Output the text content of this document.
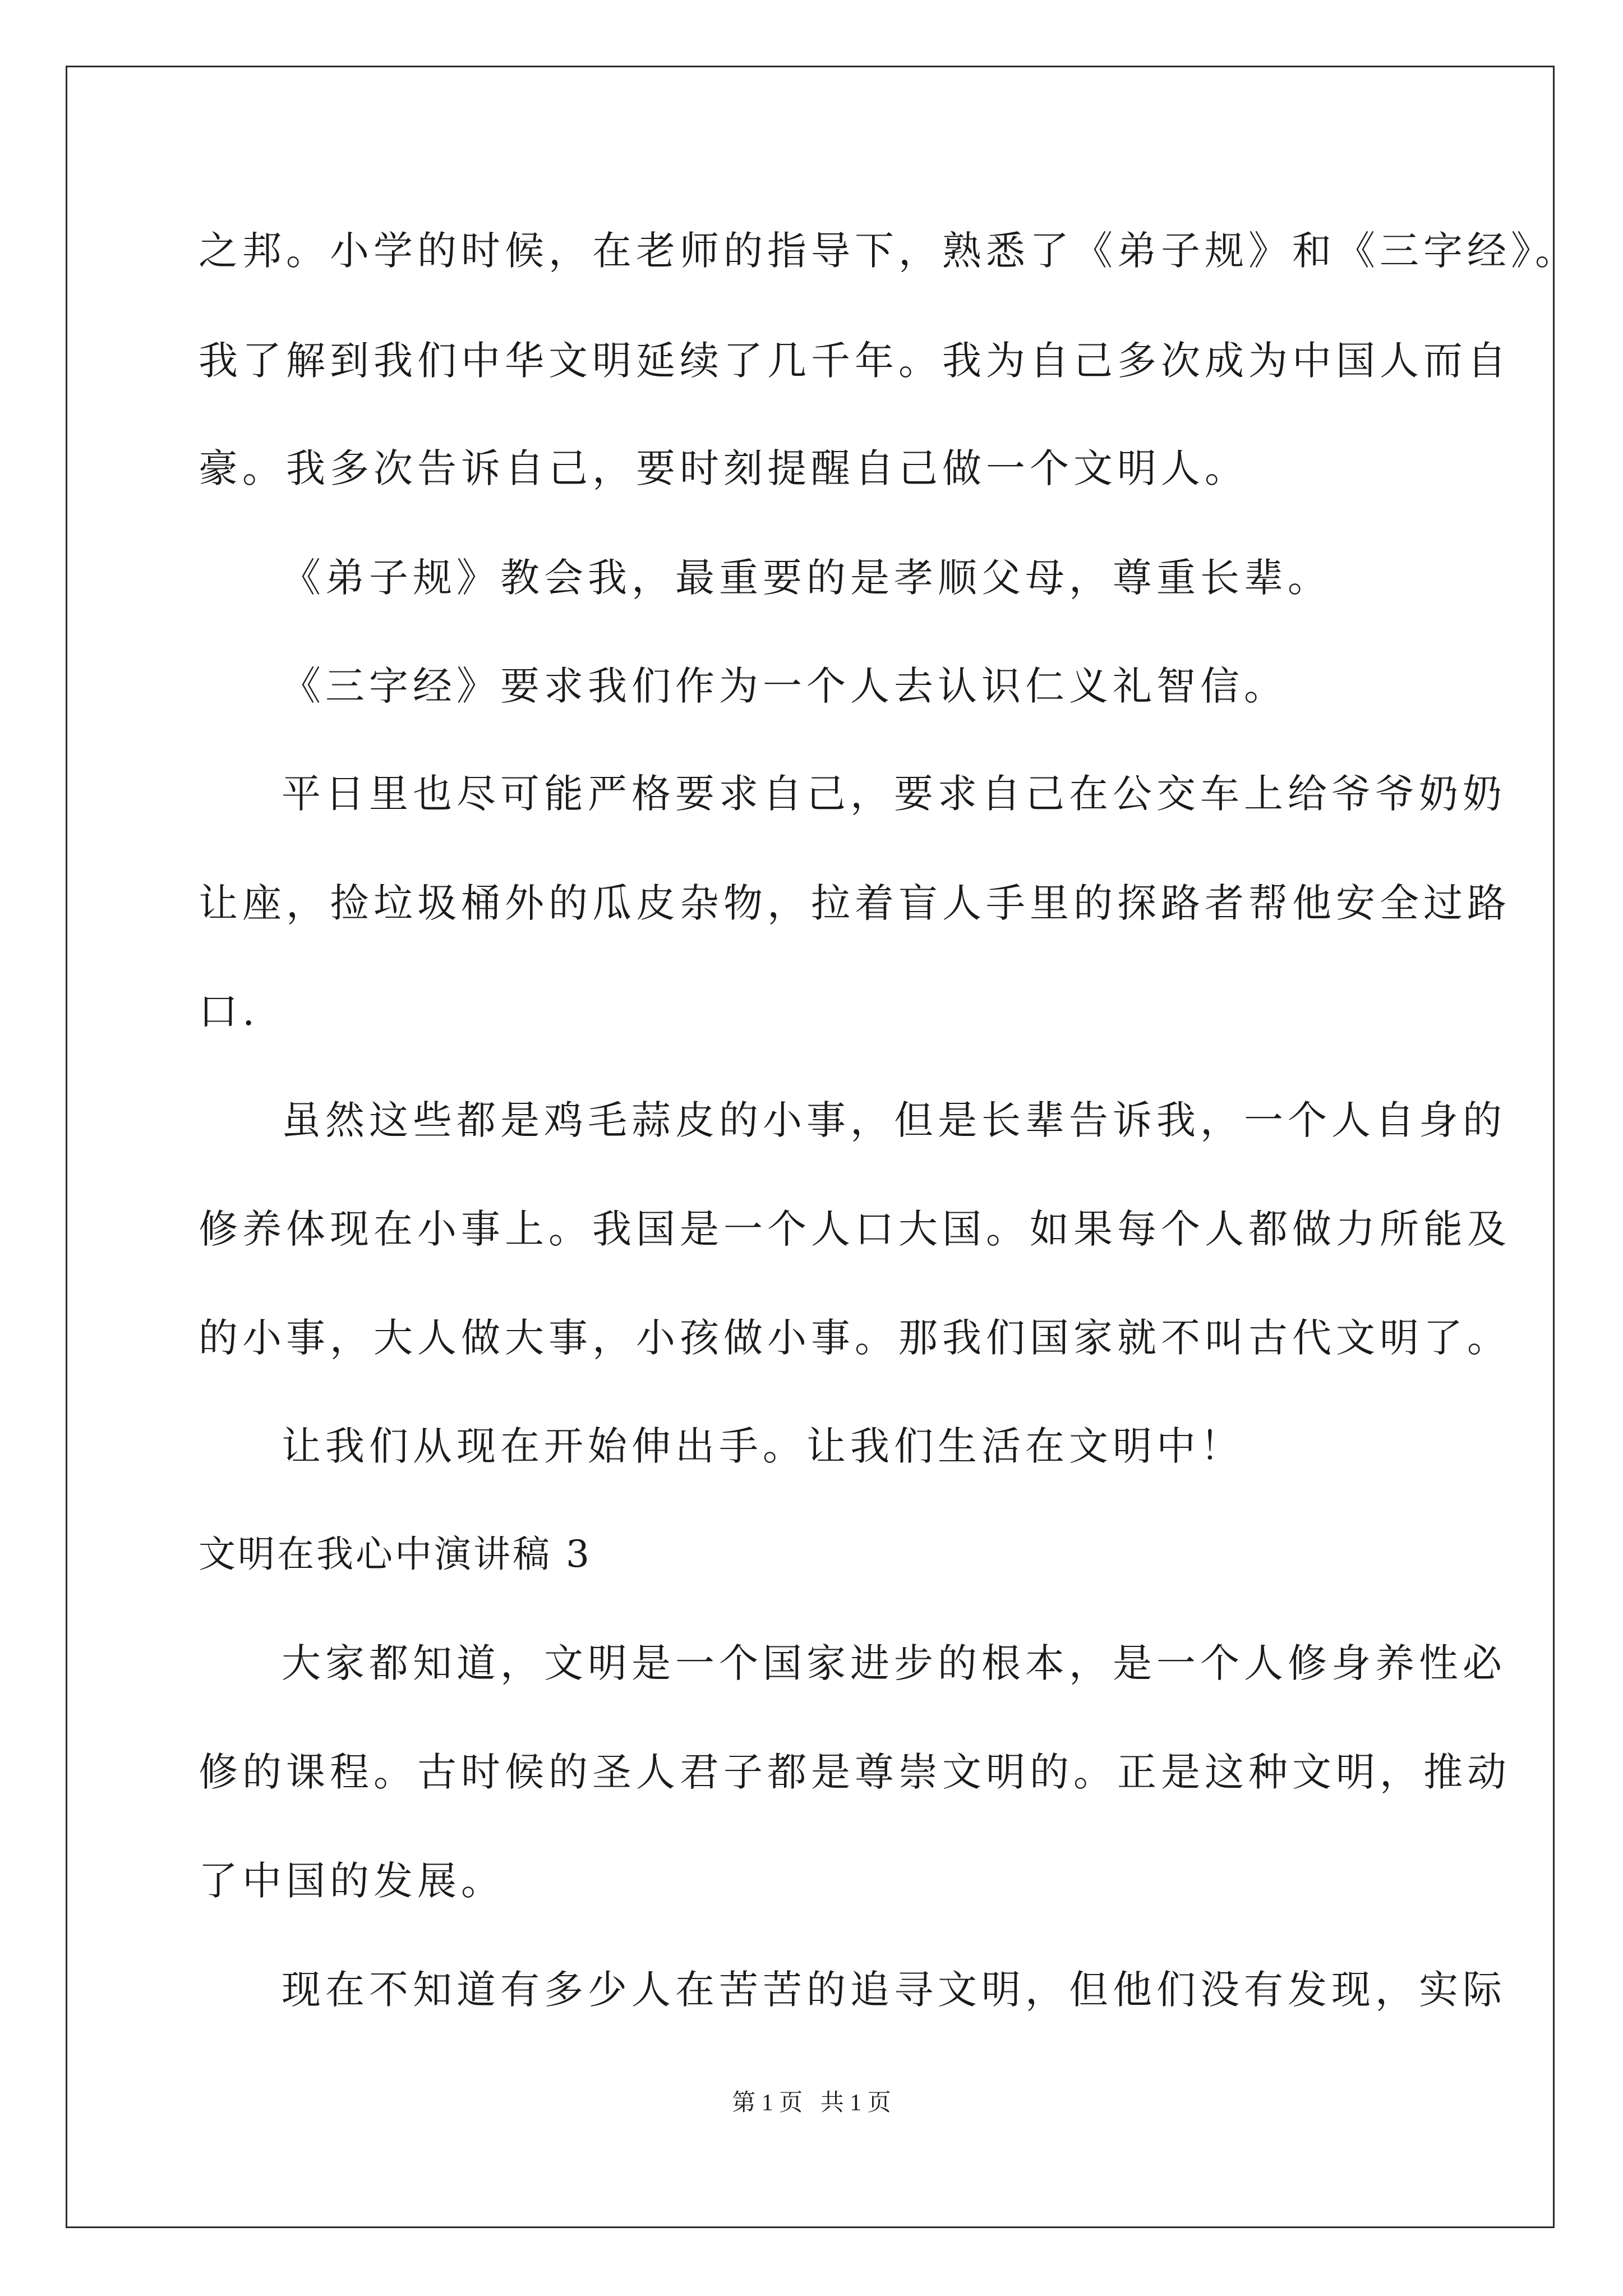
之邦。小学的时候，在老师的指导下，熟悉了《弟子规》和《三字经》。
我了解到我们中华文明延续了几千年。我为自己多次成为中国人而自
豪。我多次告诉自己，要时刻提醒自己做一个文明人。
《弟子规》教会我，最重要的是孝顺父母，尊重长辈。
《三字经》要求我们作为一个人去认识仁义礼智信。
平日里也尽可能严格要求自己，要求自己在公交车上给爷爷奶奶
让座，捡垃圾桶外的瓜皮杂物，拉着盲人手里的探路者帮他安全过路
口.
虽然这些都是鸡毛蒜皮的小事，但是长辈告诉我，一个人自身的
修养体现在小事上。我国是一个人口大国。如果每个人都做力所能及
的小事，大人做大事，小孩做小事。那我们国家就不叫古代文明了。
让我们从现在开始伸出手。让我们生活在文明中！
文明在我心中演讲稿 3
大家都知道，文明是一个国家进步的根本，是一个人修身养性必
修的课程。古时候的圣人君子都是尊崇文明的。正是这种文明，推动
了中国的发展。
现在不知道有多少人在苦苦的追寻文明，但他们没有发现，实际
第 1 页   共 1 页
